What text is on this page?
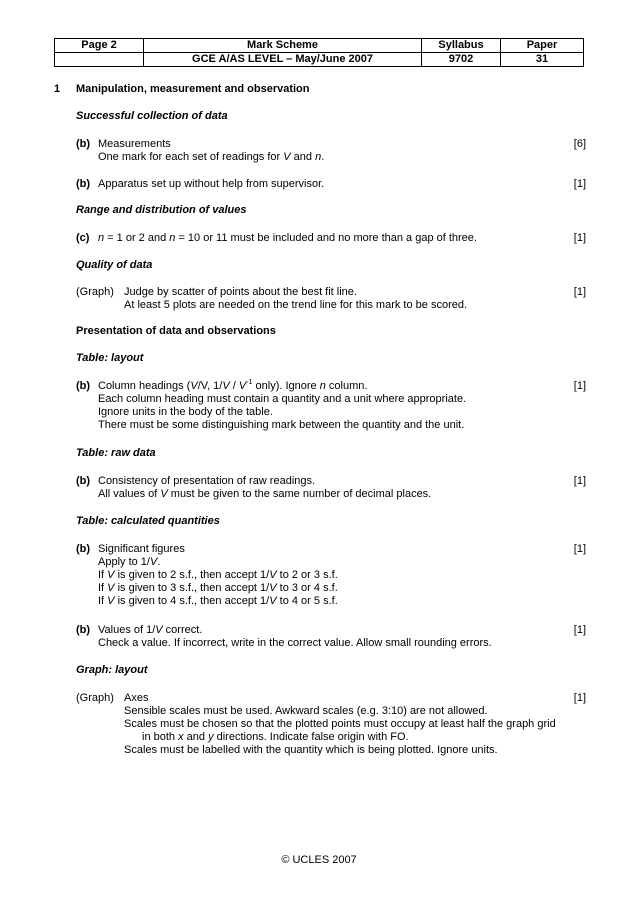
Page 2	Mark Scheme	Syllabus	Paper
	GCE A/AS LEVEL – May/June 2007	9702	31
1 Manipulation, measurement and observation
Successful collection of data
(b) Measurements	[6]
One mark for each set of readings for V and n.
(b) Apparatus set up without help from supervisor.	[1]
Range and distribution of values
(c) n = 1 or 2 and n = 10 or 11 must be included and no more than a gap of three.	[1]
Quality of data
(Graph) Judge by scatter of points about the best fit line.	[1]
At least 5 plots are needed on the trend line for this mark to be scored.
Presentation of data and observations
Table: layout
(b) Column headings (V/V, $1/V / V^{-1}$ only). Ignore n column.	[1]
Each column heading must contain a quantity and a unit where appropriate.
Ignore units in the body of the table.
There must be some distinguishing mark between the quantity and the unit.
Table: raw data
(b) Consistency of presentation of raw readings.	[1]
All values of V must be given to the same number of decimal places.
Table: calculated quantities
(b) Significant figures	[1]
Apply to 1/V.
If V is given to 2 s.f., then accept 1/V to 2 or 3 s.f.
If V is given to 3 s.f., then accept 1/V to 3 or 4 s.f.
If V is given to 4 s.f., then accept 1/V to 4 or 5 s.f.
(b) Values of 1/V correct.	[1]
Check a value. If incorrect, write in the correct value. Allow small rounding errors.
Graph: layout
(Graph) Axes	[1]
Sensible scales must be used. Awkward scales (e.g. 3:10) are not allowed.
Scales must be chosen so that the plotted points must occupy at least half the graph grid
in both x and y directions. Indicate false origin with FO.
Scales must be labelled with the quantity which is being plotted. Ignore units.
© UCLES 2007
